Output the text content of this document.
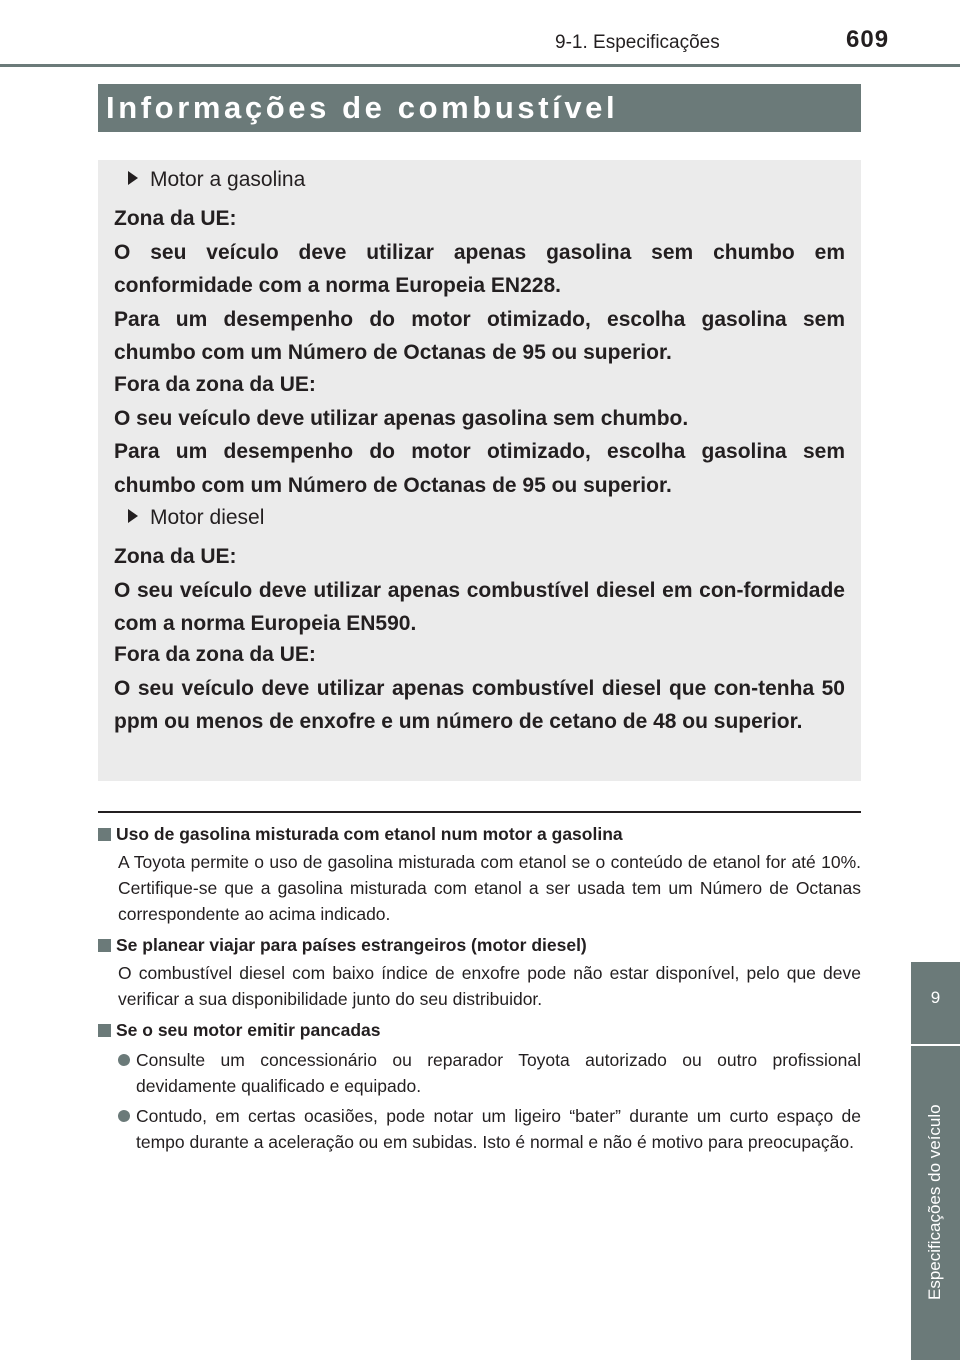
9-1. Especificações	609
Informações de combustível
Motor a gasolina

Zona da UE:

O seu veículo deve utilizar apenas gasolina sem chumbo em conformidade com a norma Europeia EN228.

Para um desempenho do motor otimizado, escolha gasolina sem chumbo com um Número de Octanas de 95 ou superior.

Fora da zona da UE:

O seu veículo deve utilizar apenas gasolina sem chumbo.

Para um desempenho do motor otimizado, escolha gasolina sem chumbo com um Número de Octanas de 95 ou superior.

Motor diesel

Zona da UE:

O seu veículo deve utilizar apenas combustível diesel em con-formidade com a norma Europeia EN590.

Fora da zona da UE:

O seu veículo deve utilizar apenas combustível diesel que con-tenha 50 ppm ou menos de enxofre e um número de cetano de 48 ou superior.

Uso de gasolina misturada com etanol num motor a gasolina
A Toyota permite o uso de gasolina misturada com etanol se o conteúdo de etanol for até 10%. Certifique-se que a gasolina misturada com etanol a ser usada tem um Número de Octanas correspondente ao acima indicado.
Se planear viajar para países estrangeiros (motor diesel)
O combustível diesel com baixo índice de enxofre pode não estar disponível, pelo que deve verificar a sua disponibilidade junto do seu distribuidor.
Se o seu motor emitir pancadas
Consulte um concessionário ou reparador Toyota autorizado ou outro profissional devidamente qualificado e equipado.
Contudo, em certas ocasiões, pode notar um ligeiro “bater” durante um curto espaço de tempo durante a aceleração ou em subidas. Isto é normal e não é motivo para preocupação.
9
Especificações do veículo
